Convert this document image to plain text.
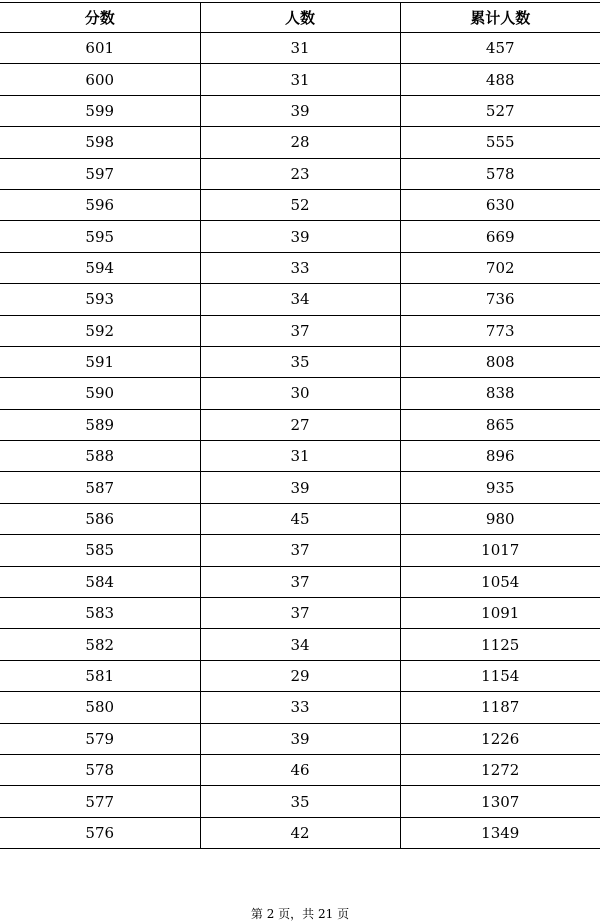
分数	人数	累计人数
601	31	457
600	31	488
599	39	527
598	28	555
597	23	578
596	52	630
595	39	669
594	33	702
593	34	736
592	37	773
591	35	808
590	30	838
589	27	865
588	31	896
587	39	935
586	45	980
585	37	1017
584	37	1054
583	37	1091
582	34	1125
581	29	1154
580	33	1187
579	39	1226
578	46	1272
577	35	1307
576	42	1349
第 2 页，共 21 页
